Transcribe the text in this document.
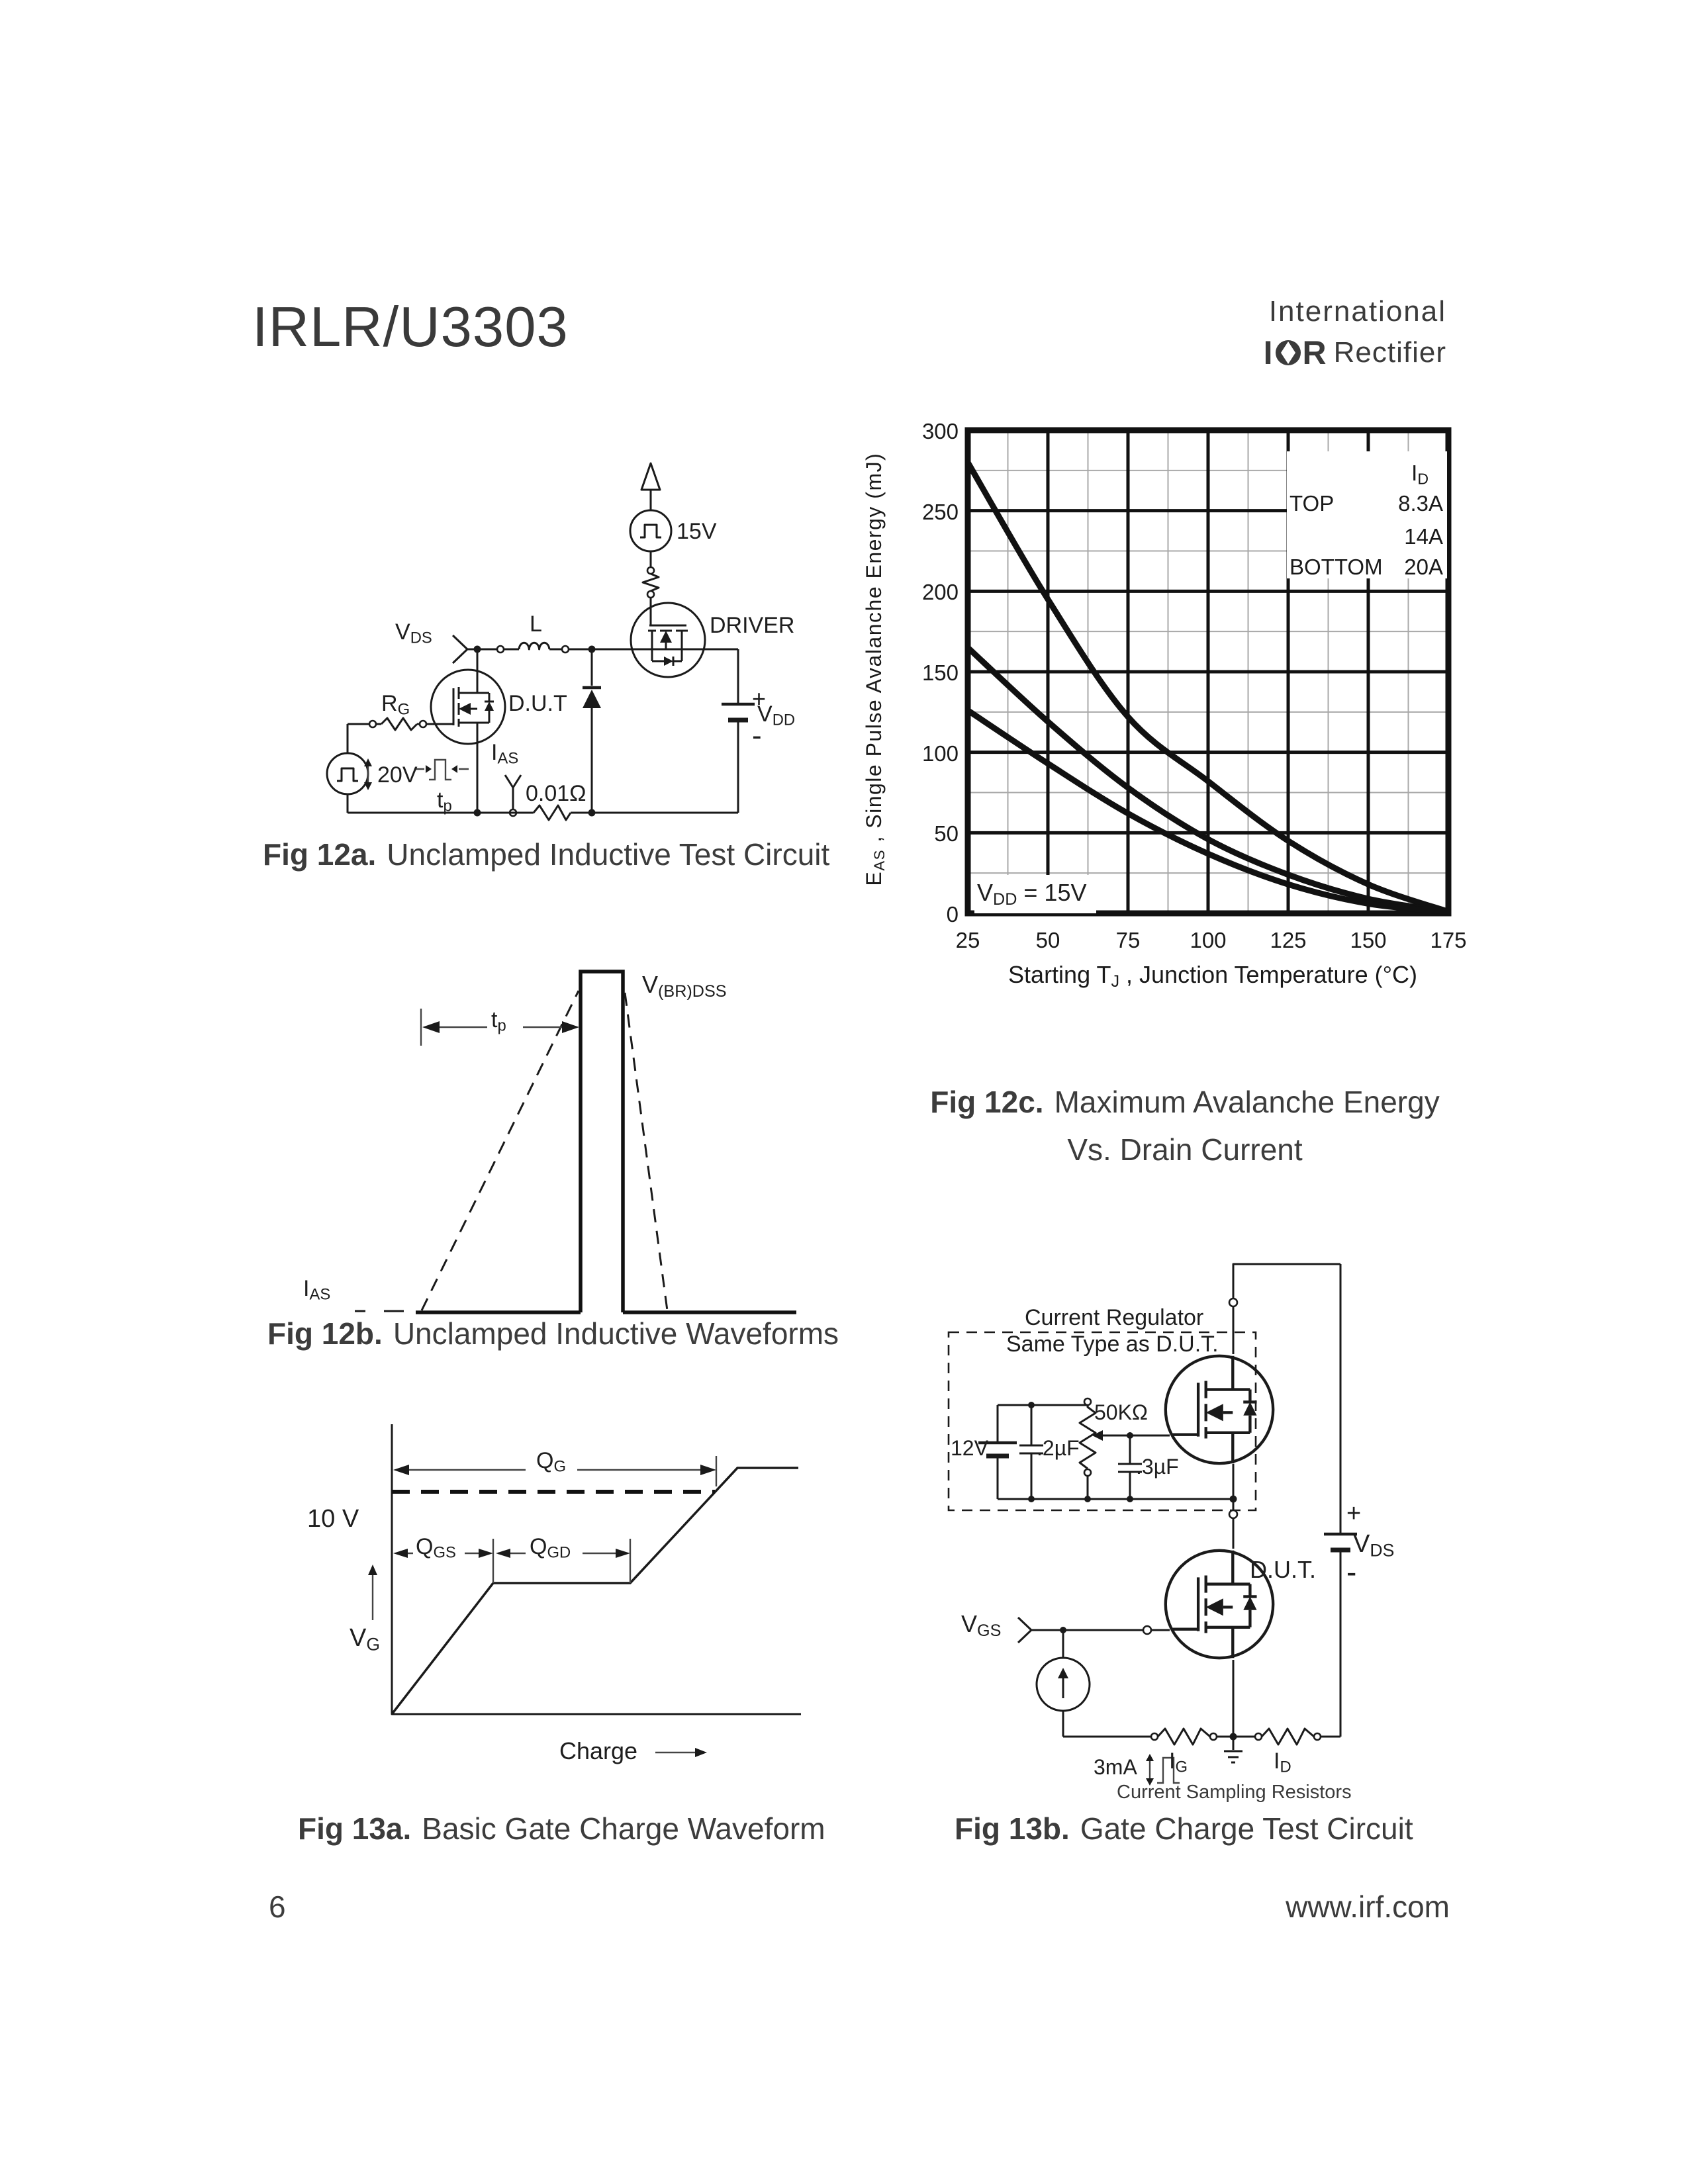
IRLR/U3303	International
I R Rectifier
15V
DRIVER
$V_{DS}$
L
$R_G$	D.U.T
20V
$t_p$
$I_{AS}$
0.01Ω
+
$V_{DD}$
-
Fig 12a. Unclamped Inductive Test Circuit
$V_{(BR)DSS}$
$t_p$
$I_{AS}$
Fig 12b. Unclamped Inductive Waveforms
0
50
100
150
200
250
300
25	50	75	100	125	150	175
$I_D$
TOP	8.3A
14A
BOTTOM 20A
$V_{DD} = 15V$
$E_{AS}$ , Single Pulse Avalanche Energy (mJ)
Starting $T_J$ , Junction Temperature (°C)
Fig 12c. Maximum Avalanche Energy
Vs. Drain Current
$Q_G$
$Q_{GS}$	$Q_{GD}$
10 V
$V_G$
Charge
Fig 13a. Basic Gate Charge Waveform
Current Regulator
Same Type as D.U.T.
12V .2µF
50KΩ
.3µF
D.U.T.
$V_{GS}$
3mA
+
$V_{DS}$
-
$I_G$	$I_D$
Current Sampling Resistors
Fig 13b. Gate Charge Test Circuit
6	www.irf.com
